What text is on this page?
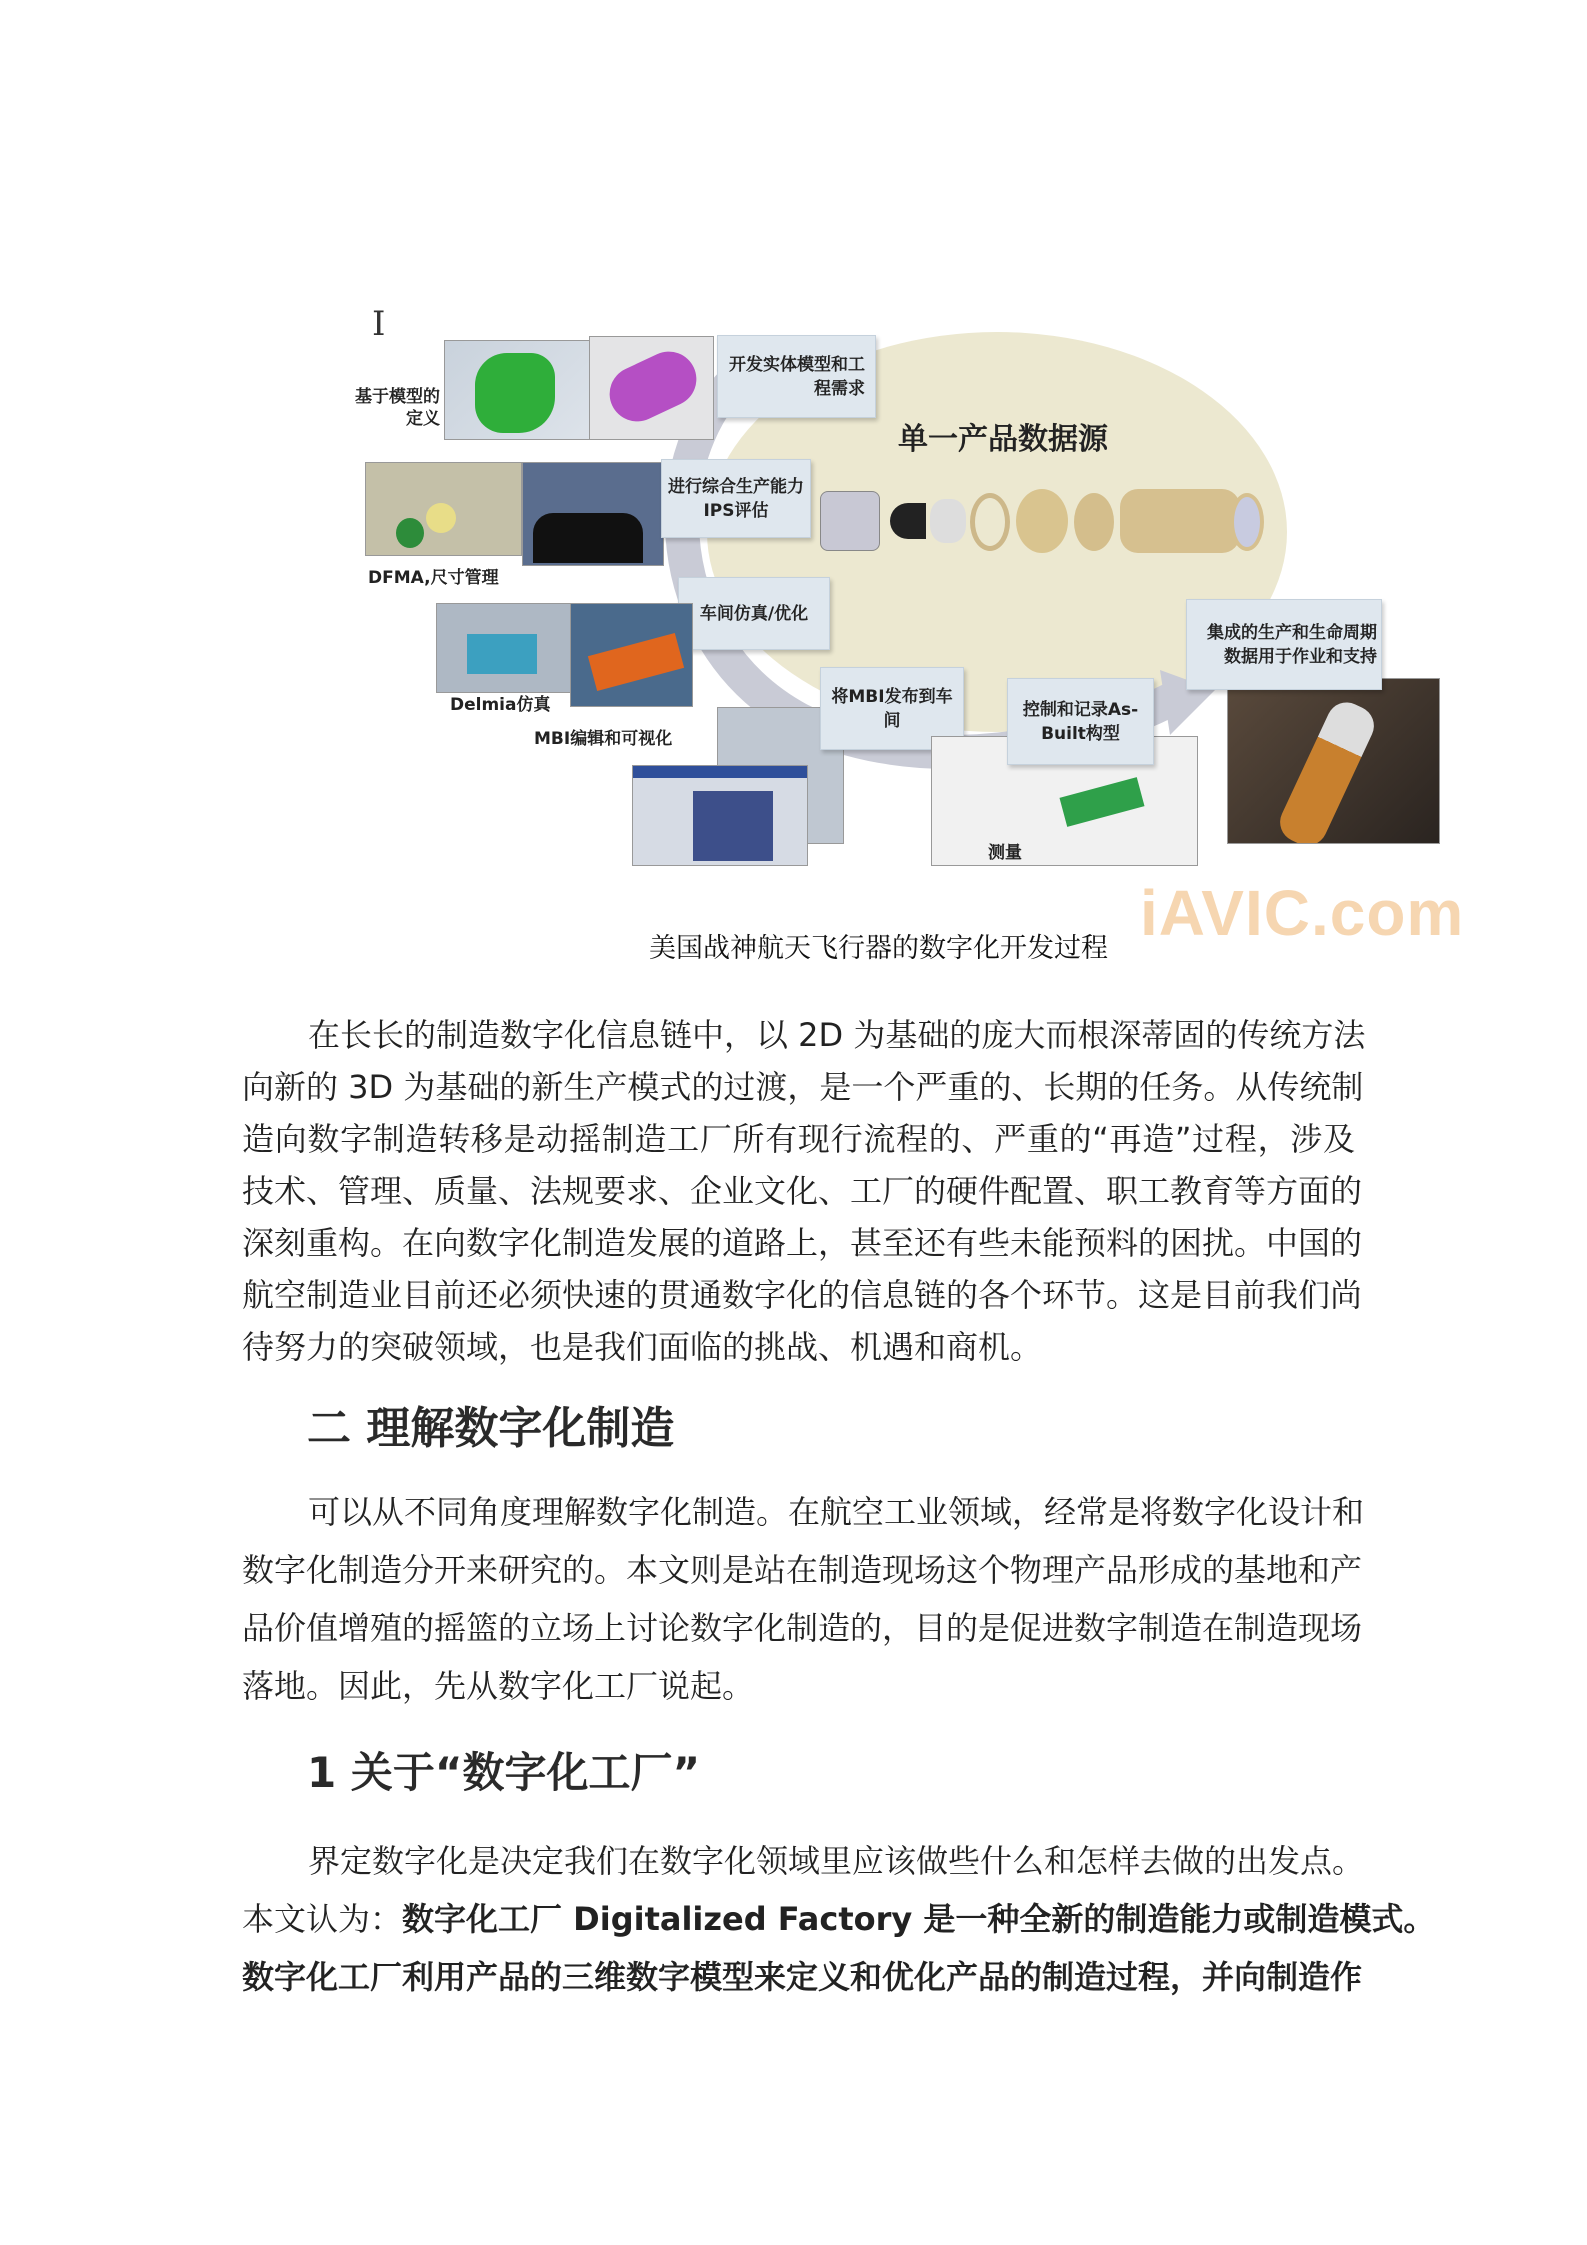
I
单一产品数据源
基于模型的定义
开发实体模型和工程需求
进行综合生产能力IPS评估
DFMA,尺寸管理
车间仿真/优化
Delmia仿真
MBI编辑和可视化
将MBI发布到车间
控制和记录As-Built构型
测量
集成的生产和生命周期数据用于作业和支持
iAVIC.com
美国战神航天飞行器的数字化开发过程
在长长的制造数字化信息链中，以 2D 为基础的庞大而根深蒂固的传统方法
向新的 3D 为基础的新生产模式的过渡，是一个严重的、长期的任务。从传统制
造向数字制造转移是动摇制造工厂所有现行流程的、严重的“再造”过程，涉及
技术、管理、质量、法规要求、企业文化、工厂的硬件配置、职工教育等方面的
深刻重构。在向数字化制造发展的道路上，甚至还有些未能预料的困扰。中国的
航空制造业目前还必须快速的贯通数字化的信息链的各个环节。这是目前我们尚
待努力的突破领域，也是我们面临的挑战、机遇和商机。
二 理解数字化制造
可以从不同角度理解数字化制造。在航空工业领域，经常是将数字化设计和
数字化制造分开来研究的。本文则是站在制造现场这个物理产品形成的基地和产
品价值增殖的摇篮的立场上讨论数字化制造的，目的是促进数字制造在制造现场
落地。因此，先从数字化工厂说起。
1 关于“数字化工厂”
界定数字化是决定我们在数字化领域里应该做些什么和怎样去做的出发点。
本文认为：数字化工厂 Digitalized Factory 是一种全新的制造能力或制造模式。
数字化工厂利用产品的三维数字模型来定义和优化产品的制造过程，并向制造作
